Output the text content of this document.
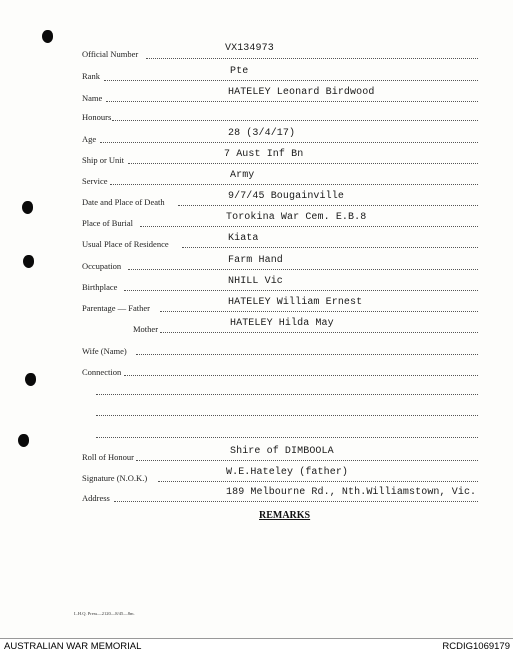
Official Number	VX134973
Rank	Pte
Name	HATELEY Leonard Birdwood
Honours
Age	28 (3/4/17)
Ship or Unit	7 Aust Inf Bn
Service	Army
Date and Place of Death	9/7/45 Bougainville
Place of Burial	Torokina War Cem. E.B.8
Usual Place of Residence	Kiata
Occupation	Farm Hand
Birthplace	NHILL Vic
Parentage — Father	HATELEY William Ernest
Mother	HATELEY Hilda May
Wife (Name)
Connection
Roll of Honour	Shire of DIMBOOLA
Signature (N.O.K.)	W.E.Hateley (father)
Address	189 Melbourne Rd., Nth.Williamstown, Vic.
REMARKS
L.H.Q. Press—2120—8/45—8m.
AUSTRALIAN WAR MEMORIAL	RCDIG1069179
